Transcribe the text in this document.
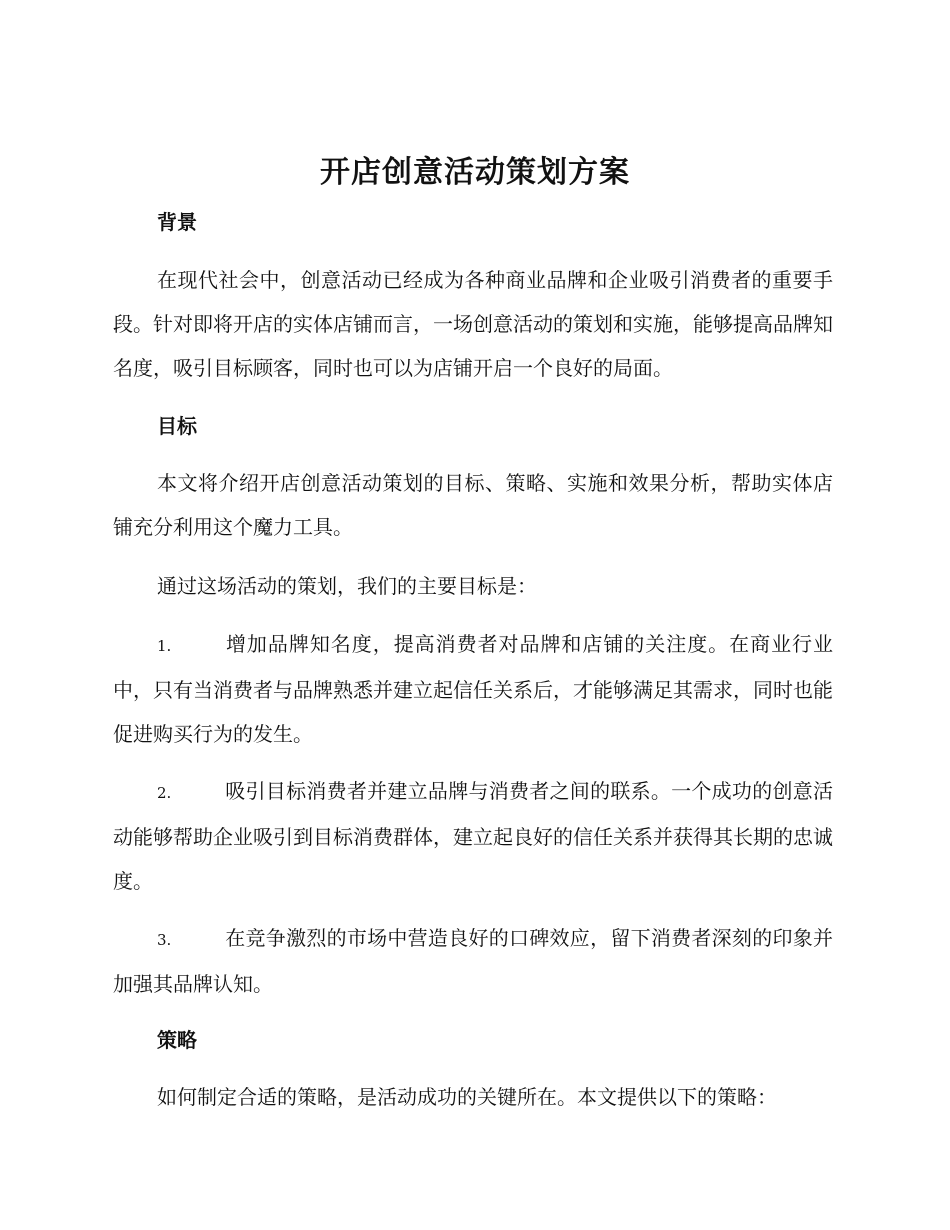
开店创意活动策划方案
背景

在现代社会中，创意活动已经成为各种商业品牌和企业吸引消费者的重要手段。针对即将开店的实体店铺而言，一场创意活动的策划和实施，能够提高品牌知名度，吸引目标顾客，同时也可以为店铺开启一个良好的局面。

目标

本文将介绍开店创意活动策划的目标、策略、实施和效果分析，帮助实体店铺充分利用这个魔力工具。

通过这场活动的策划，我们的主要目标是：

1.	增加品牌知名度，提高消费者对品牌和店铺的关注度。在商业行业中，只有当消费者与品牌熟悉并建立起信任关系后，才能够满足其需求，同时也能促进购买行为的发生。

2.	吸引目标消费者并建立品牌与消费者之间的联系。一个成功的创意活动能够帮助企业吸引到目标消费群体，建立起良好的信任关系并获得其长期的忠诚度。

3.	在竞争激烈的市场中营造良好的口碑效应，留下消费者深刻的印象并加强其品牌认知。

策略

如何制定合适的策略，是活动成功的关键所在。本文提供以下的策略：
